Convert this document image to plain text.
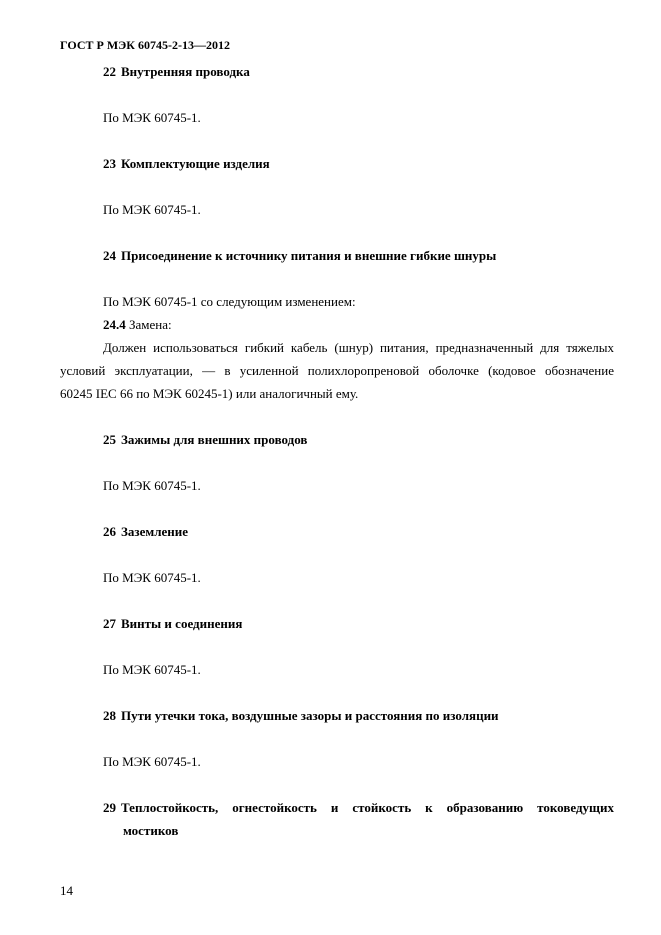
ГОСТ Р МЭК 60745-2-13—2012
22 Внутренняя проводка
По МЭК 60745-1.
23 Комплектующие изделия
По МЭК 60745-1.
24 Присоединение к источнику питания и внешние гибкие шнуры
По МЭК 60745-1 со следующим изменением:
24.4 Замена:
Должен использоваться гибкий кабель (шнур) питания, предназначенный для тяжелых
условий эксплуатации, — в усиленной полихлоропреновой оболочке (кодовое обозначение
60245 IEC 66 по МЭК 60245-1) или аналогичный ему.
25 Зажимы для внешних проводов
По МЭК 60745-1.
26 Заземление
По МЭК 60745-1.
27 Винты и соединения
По МЭК 60745-1.
28 Пути утечки тока, воздушные зазоры и расстояния по изоляции
По МЭК 60745-1.
29 Теплостойкость, огнестойкость и стойкость к образованию токоведущих
мостиков
14
